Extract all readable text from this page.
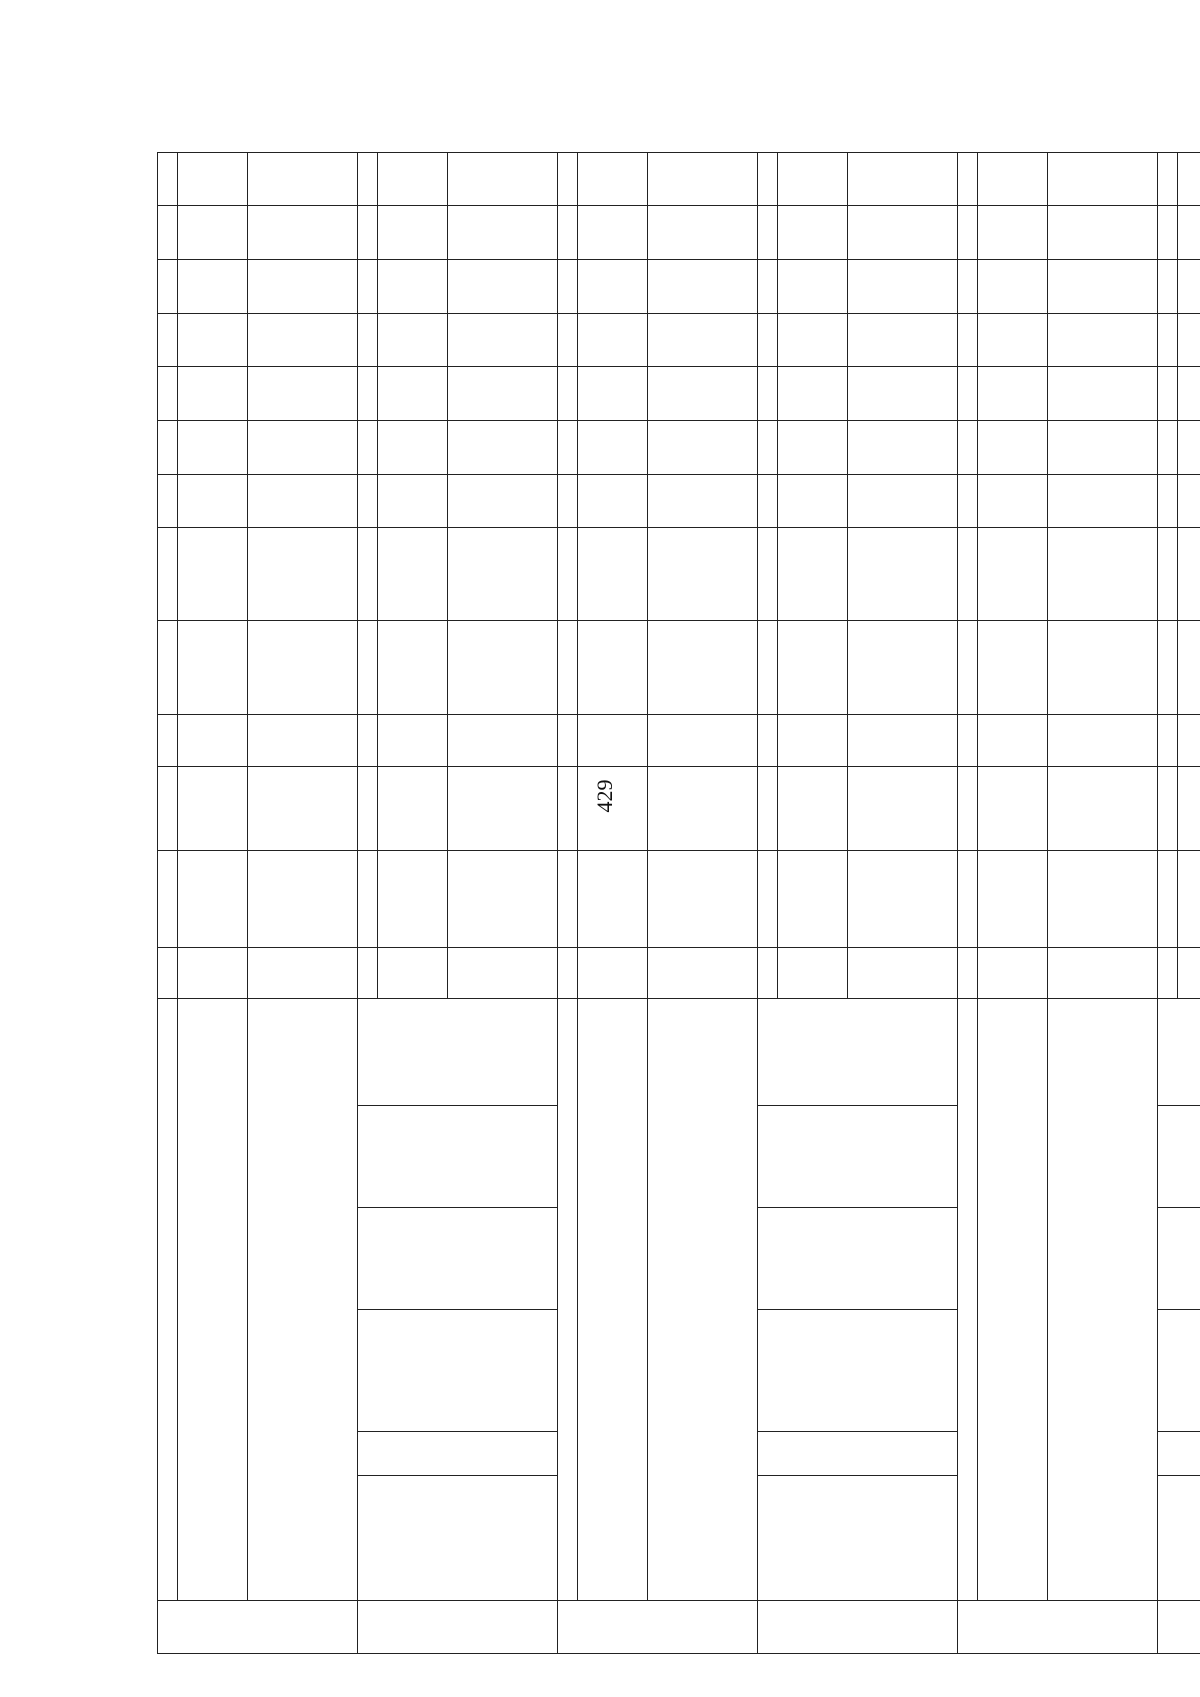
429
